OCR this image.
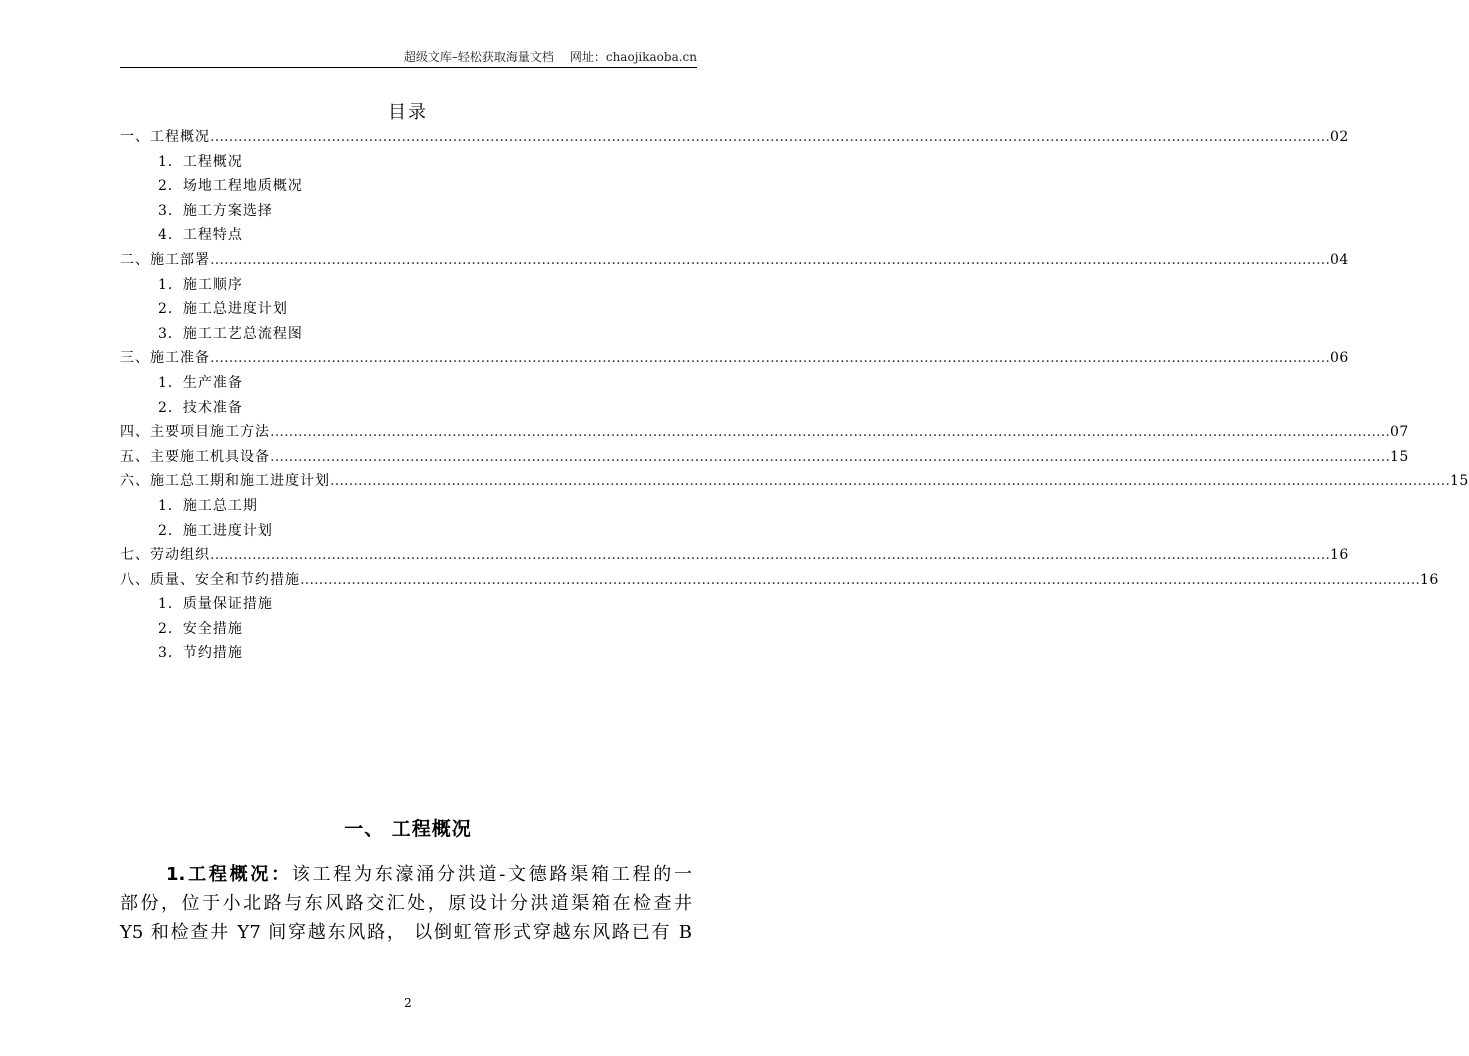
超级文库–轻松获取海量文档 网址：chaojikaoba.cn
目录
一、工程概况 …………………………………………………………………………………………………………………………………………………………………………………………………………………… 02
1．工程概况
2．场地工程地质概况
3．施工方案选择
4．工程特点
二、施工部署 …………………………………………………………………………………………………………………………………………………………………………………………………………………… 04
1．施工顺序
2．施工总进度计划
3．施工工艺总流程图
三、施工准备 …………………………………………………………………………………………………………………………………………………………………………………………………………………… 06
1．生产准备
2．技术准备
四、主要项目施工方法 …………………………………………………………………………………………………………………………………………………………………………………………………………………… 07
五、主要施工机具设备 …………………………………………………………………………………………………………………………………………………………………………………………………………………… 15
六、施工总工期和施工进度计划 …………………………………………………………………………………………………………………………………………………………………………………………………………………… 15
1．施工总工期
2．施工进度计划
七、劳动组织 …………………………………………………………………………………………………………………………………………………………………………………………………………………… 16
八、质量、安全和节约措施 …………………………………………………………………………………………………………………………………………………………………………………………………………………… 16
1．质量保证措施
2．安全措施
3．节约措施
一、 工程概况
1.工程概况：该工程为东濠涌分洪道-文德路渠箱工程的一
部份，位于小北路与东风路交汇处，原设计分洪道渠箱在检查井
Y5 和检查井 Y7 间穿越东风路， 以倒虹管形式穿越东风路已有 B
2
